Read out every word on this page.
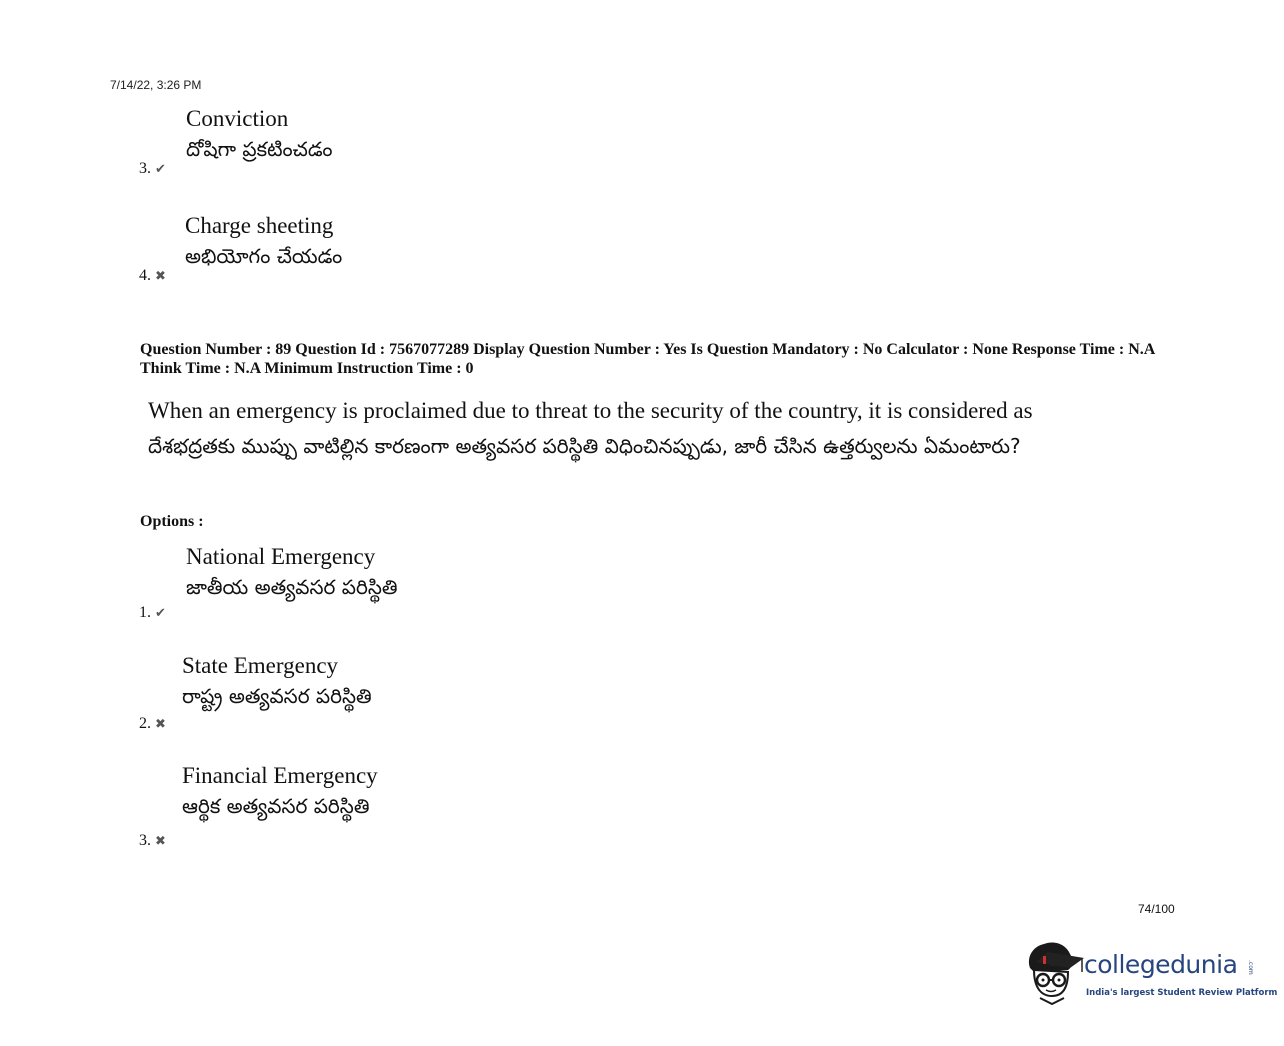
7/14/22, 3:26 PM
Conviction
దోషిగా ప్రకటించడం
3. ✔
Charge sheeting
అభియోగం చేయడం
4. ✖
Question Number : 89 Question Id : 7567077289 Display Question Number : Yes Is Question Mandatory : No Calculator : None Response Time : N.A Think Time : N.A Minimum Instruction Time : 0
When an emergency is proclaimed due to threat to the security of the country, it is considered as
దేశభద్రతకు ముప్పు వాటిల్లిన కారణంగా అత్యవసర పరిస్థితి విధించినప్పుడు, జారీ చేసిన ఉత్తర్వులను ఏమంటారు?
Options :
National Emergency
జాతీయ అత్యవసర పరిస్థితి
1. ✔
State Emergency
రాష్ట్ర అత్యవసర పరిస్థితి
2. ✖
Financial Emergency
ఆర్థిక అత్యవసర పరిస్థితి
3. ✖
74/100
collegedunia .com
India's largest Student Review Platform
